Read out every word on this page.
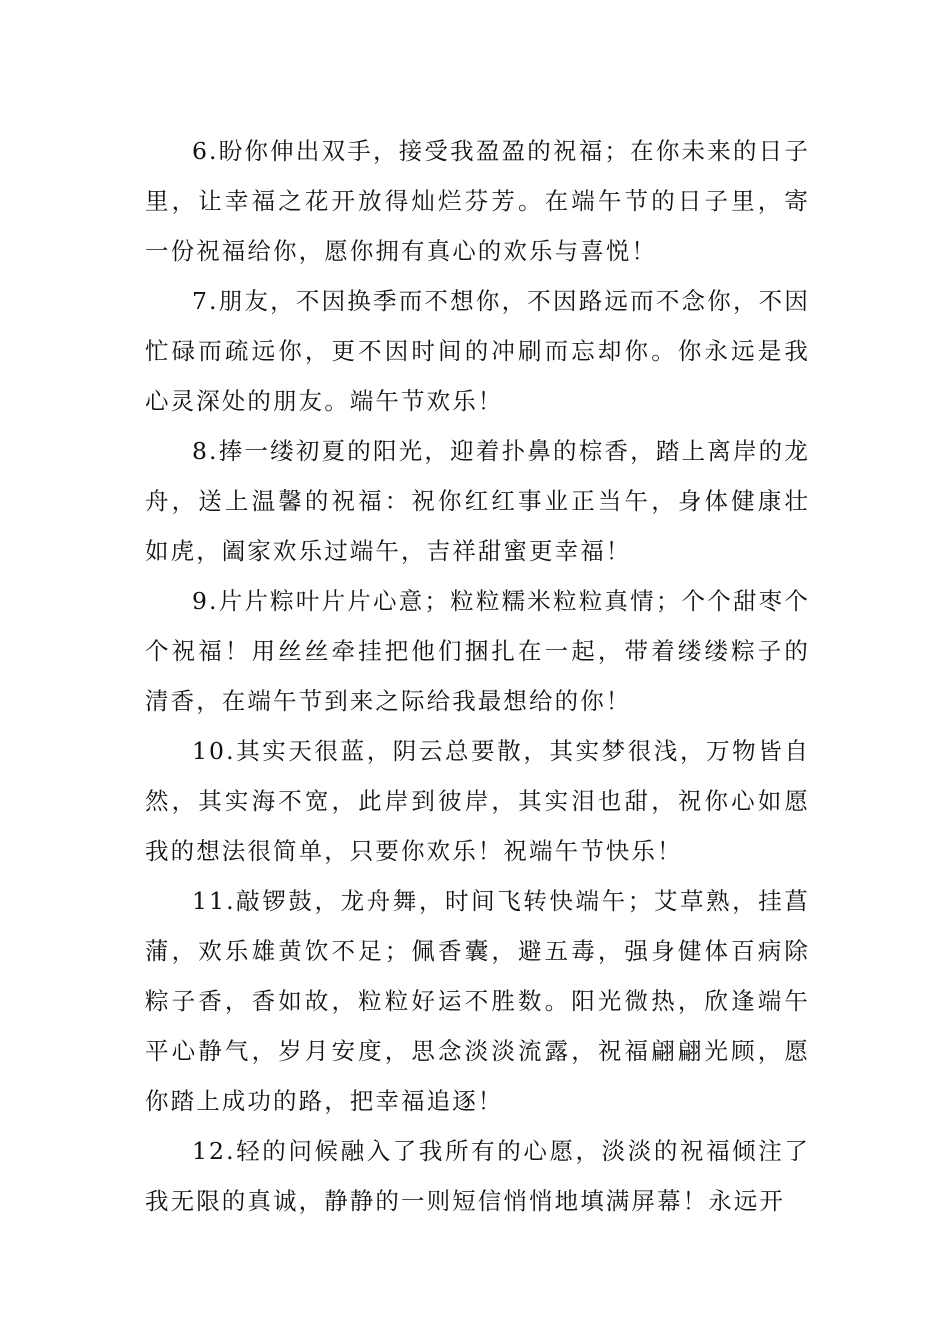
6.盼你伸出双手，接受我盈盈的祝福；在你未来的日子里，让幸福之花开放得灿烂芬芳。在端午节的日子里，寄一份祝福给你，愿你拥有真心的欢乐与喜悦！

7.朋友，不因换季而不想你，不因路远而不念你，不因忙碌而疏远你，更不因时间的冲刷而忘却你。你永远是我心灵深处的朋友。端午节欢乐！

8.捧一缕初夏的阳光，迎着扑鼻的棕香，踏上离岸的龙舟，送上温馨的祝福：祝你红红事业正当午，身体健康壮如虎，阖家欢乐过端午，吉祥甜蜜更幸福！

9.片片粽叶片片心意；粒粒糯米粒粒真情；个个甜枣个个祝福！用丝丝牵挂把他们捆扎在一起，带着缕缕粽子的清香，在端午节到来之际给我最想给的你！

10.其实天很蓝，阴云总要散，其实梦很浅，万物皆自然，其实海不宽，此岸到彼岸，其实泪也甜，祝你心如愿我的想法很简单，只要你欢乐！祝端午节快乐！

11.敲锣鼓，龙舟舞，时间飞转快端午；艾草熟，挂菖蒲，欢乐雄黄饮不足；佩香囊，避五毒，强身健体百病除粽子香，香如故，粒粒好运不胜数。阳光微热，欣逢端午平心静气，岁月安度，思念淡淡流露，祝福翩翩光顾，愿你踏上成功的路，把幸福追逐！

12.轻的问候融入了我所有的心愿，淡淡的祝福倾注了我无限的真诚，静静的一则短信悄悄地填满屏幕！永远开
